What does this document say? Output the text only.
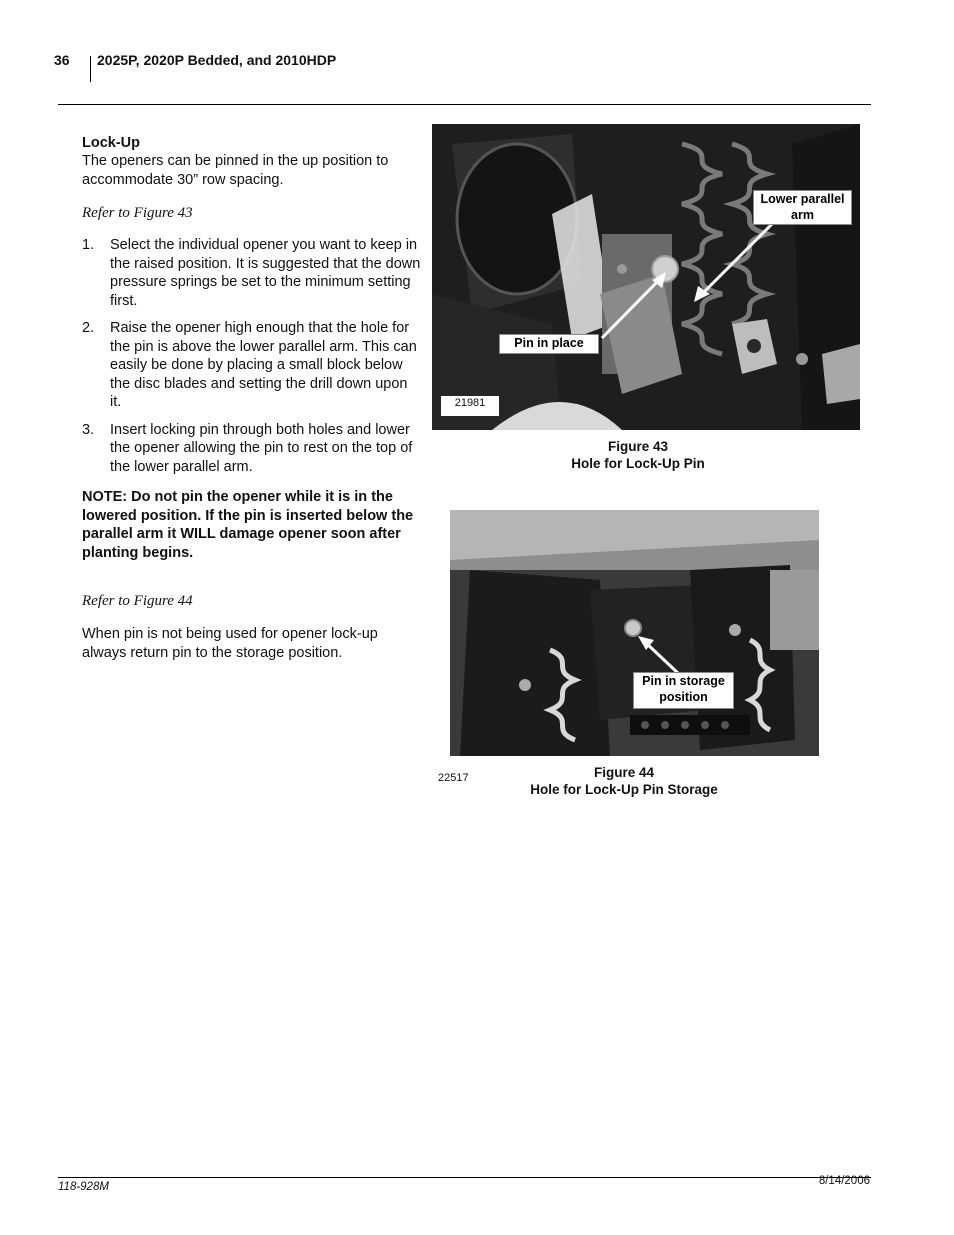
36 2025P, 2020P Bedded, and 2010HDP
Lock-Up
The openers can be pinned in the up position to accommodate 30” row spacing.
Refer to Figure 43
1. Select the individual opener you want to keep in the raised position. It is suggested that the down pressure springs be set to the minimum setting first.
2. Raise the opener high enough that the hole for the pin is above the lower parallel arm. This can easily be done by placing a small block below the disc blades and setting the drill down upon it.
3. Insert locking pin through both holes and lower the opener allowing the pin to rest on the top of the lower parallel arm.
NOTE: Do not pin the opener while it is in the lowered position. If the pin is inserted below the parallel arm it WILL damage opener soon after planting begins.
Refer to Figure 44
When pin is not being used for opener lock-up always return pin to the storage position.
Lower parallel arm
Pin in place
21981
Figure 43
Hole for Lock-Up Pin
Pin in storage position
22517	Figure 44
Hole for Lock-Up Pin Storage
118-928M	8/14/2006
